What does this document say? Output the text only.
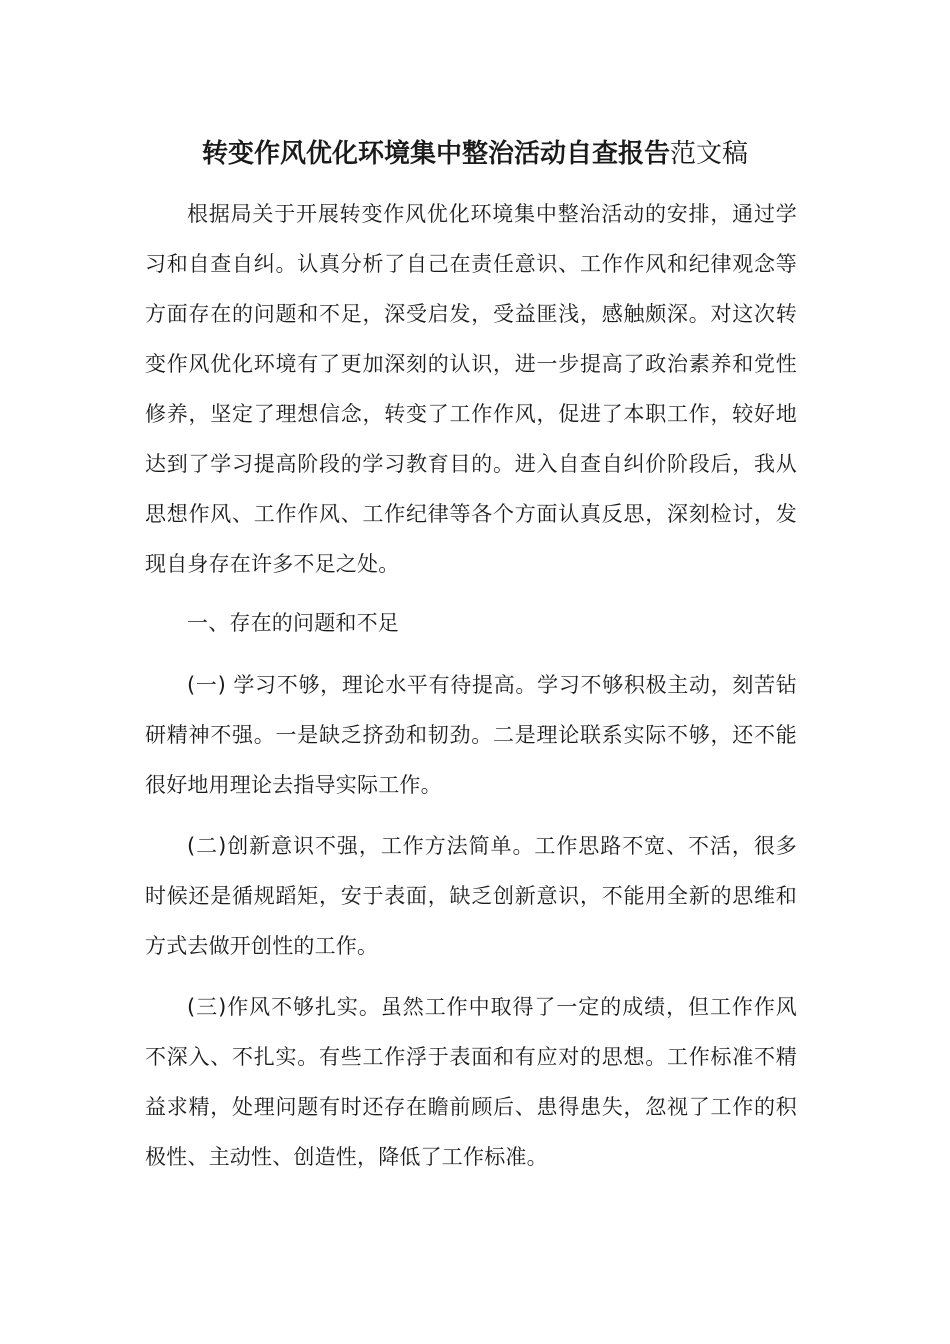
转变作风优化环境集中整治活动自查报告范文稿

根据局关于开展转变作风优化环境集中整治活动的安排，通过学习和自查自纠。认真分析了自己在责任意识、工作作风和纪律观念等方面存在的问题和不足，深受启发，受益匪浅，感触颇深。对这次转变作风优化环境有了更加深刻的认识，进一步提高了政治素养和党性修养，坚定了理想信念，转变了工作作风，促进了本职工作，较好地达到了学习提高阶段的学习教育目的。进入自查自纠价阶段后，我从思想作风、工作作风、工作纪律等各个方面认真反思，深刻检讨，发现自身存在许多不足之处。

一、存在的问题和不足

(一) 学习不够，理论水平有待提高。学习不够积极主动，刻苦钻研精神不强。一是缺乏挤劲和韧劲。二是理论联系实际不够，还不能很好地用理论去指导实际工作。

(二)创新意识不强，工作方法简单。工作思路不宽、不活，很多时候还是循规蹈矩，安于表面，缺乏创新意识，不能用全新的思维和方式去做开创性的工作。

(三)作风不够扎实。虽然工作中取得了一定的成绩，但工作作风不深入、不扎实。有些工作浮于表面和有应对的思想。工作标准不精益求精，处理问题有时还存在瞻前顾后、患得患失，忽视了工作的积极性、主动性、创造性，降低了工作标准。
